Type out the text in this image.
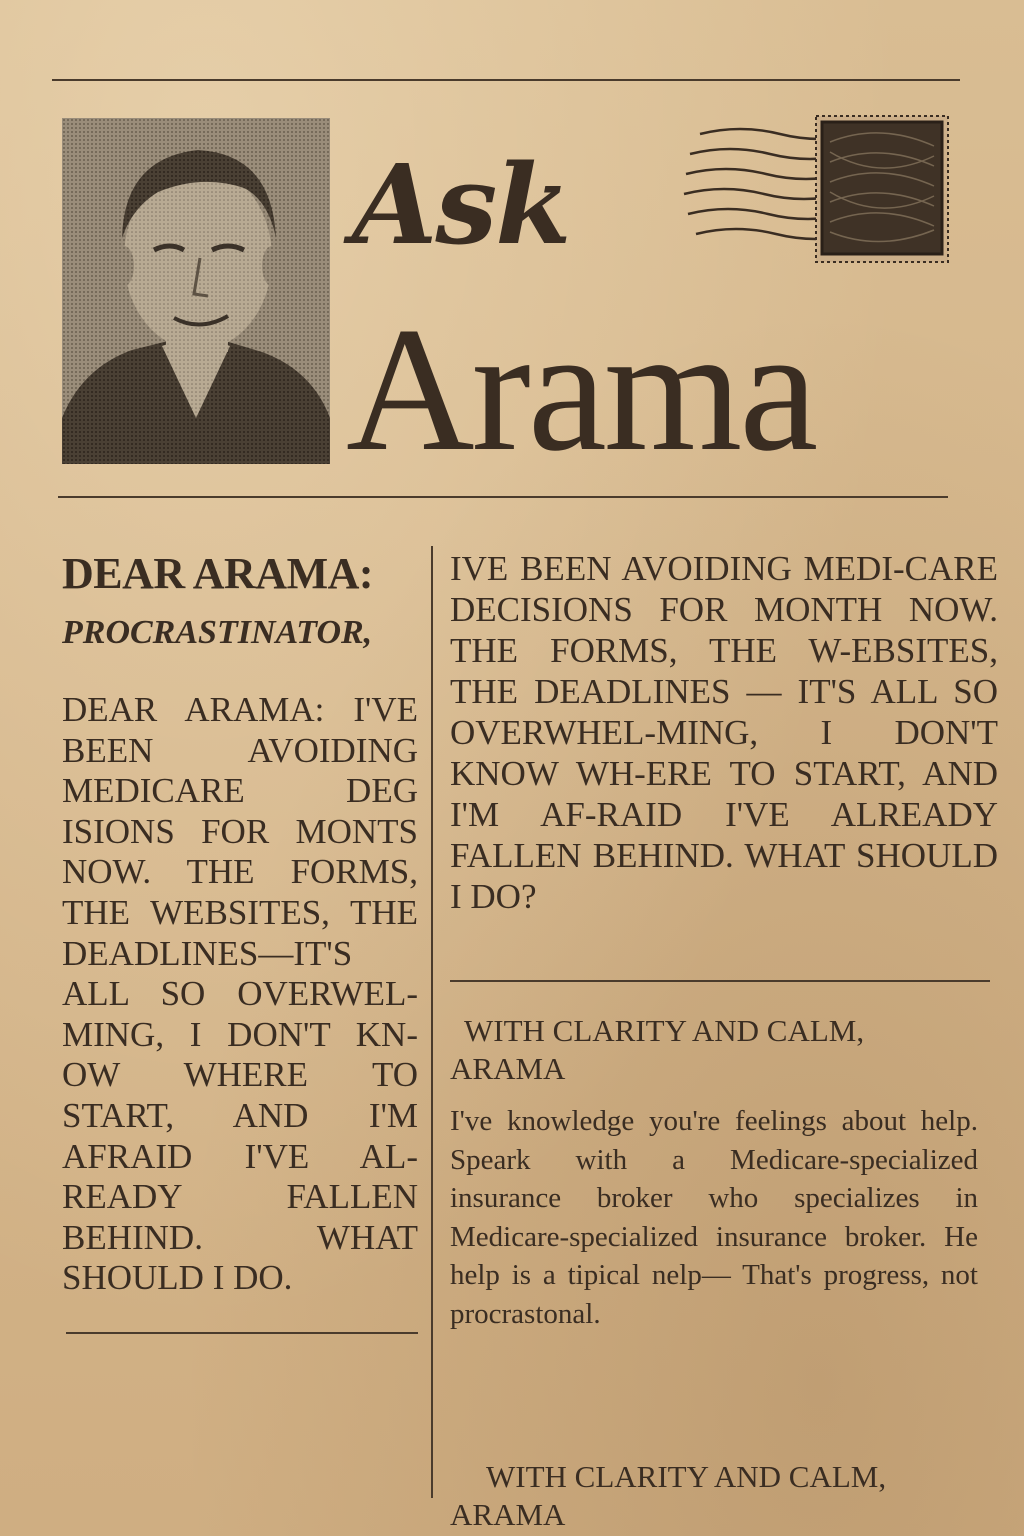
Ask
Arama
DEAR ARAMA:
PROCRASTINATOR,
DEAR ARAMA: I'VE BEEN AVOIDING MEDICARE DEG ISIONS FOR MONTS NOW. THE FORMS, THE WEBSITES, THE DEADLINES—IT'S ALL SO OVERWEL-MING, I DON'T KN-OW WHERE TO START, AND I'M AFRAID I'VE AL-READY FALLEN BEHIND. WHAT SHOULD I DO.
IVE BEEN AVOIDING MEDI-CARE DECISIONS FOR MONTH NOW. THE FORMS, THE W-EBSITES, THE DEADLINES — IT'S ALL SO OVERWHEL-MING, I DON'T KNOW WH-ERE TO START, AND I'M AF-RAID I'VE ALREADY FALLEN BEHIND. WHAT SHOULD I DO?
WITH CLARITY AND CALM,
ARAMA
I've knowledge you're feelings about help. Speark with a Medicare-specialized insurance broker who specializes in Medicare-specialized insurance broker. He help is a tipical nelp— That's progress, not procrastonal.
WITH CLARITY AND CALM,
ARAMA
